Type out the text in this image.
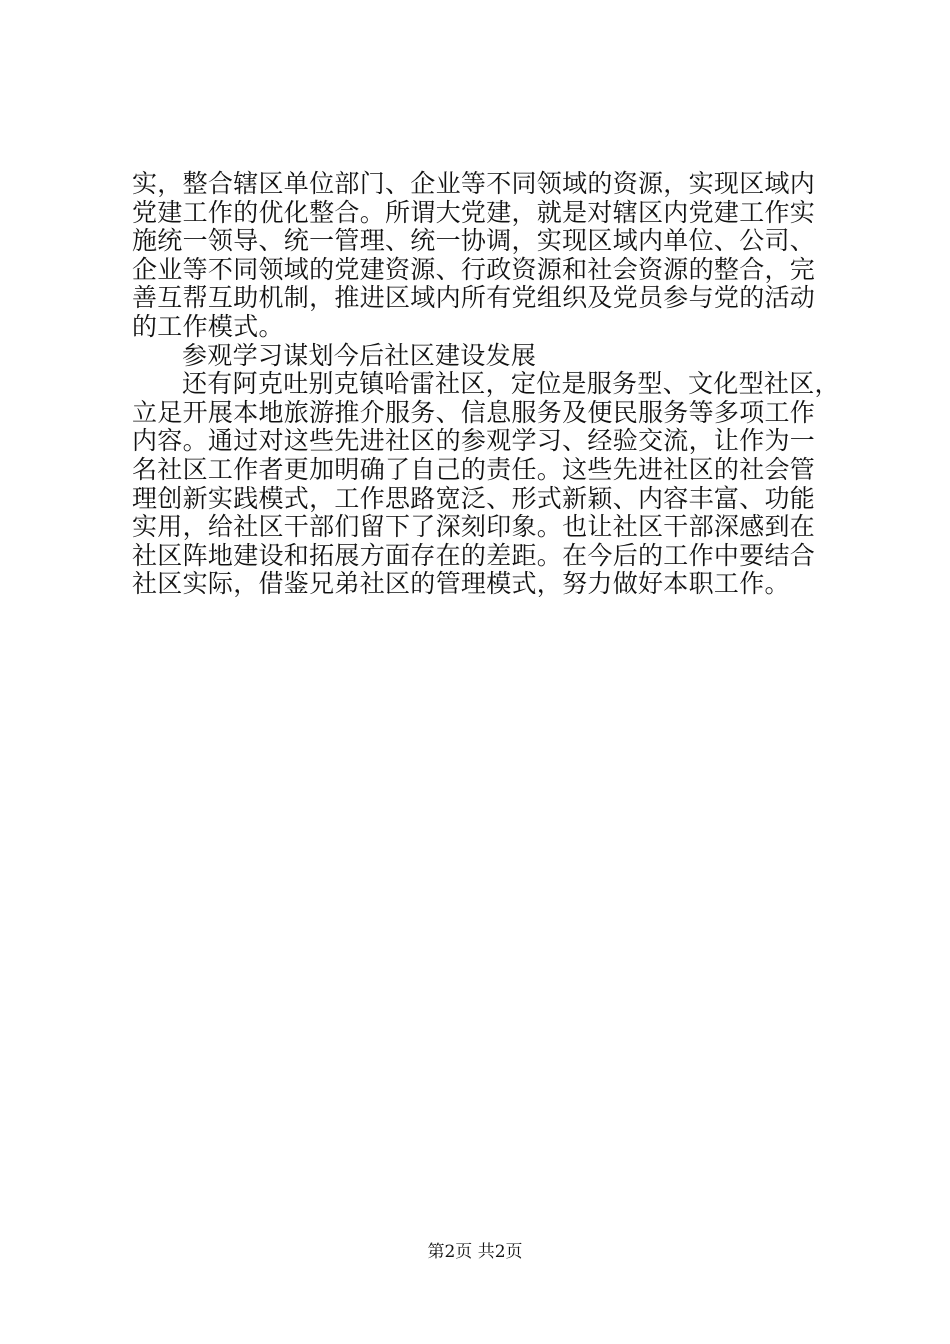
实，整合辖区单位部门、企业等不同领域的资源，实现区域内
党建工作的优化整合。所谓大党建，就是对辖区内党建工作实
施统一领导、统一管理、统一协调，实现区域内单位、公司、
企业等不同领域的党建资源、行政资源和社会资源的整合，完
善互帮互助机制，推进区域内所有党组织及党员参与党的活动
的工作模式。
参观学习谋划今后社区建设发展
还有阿克吐别克镇哈雷社区，定位是服务型、文化型社区，
立足开展本地旅游推介服务、信息服务及便民服务等多项工作
内容。通过对这些先进社区的参观学习、经验交流，让作为一
名社区工作者更加明确了自己的责任。这些先进社区的社会管
理创新实践模式，工作思路宽泛、形式新颖、内容丰富、功能
实用，给社区干部们留下了深刻印象。也让社区干部深感到在
社区阵地建设和拓展方面存在的差距。在今后的工作中要结合
社区实际，借鉴兄弟社区的管理模式，努力做好本职工作。
第2页 共2页
